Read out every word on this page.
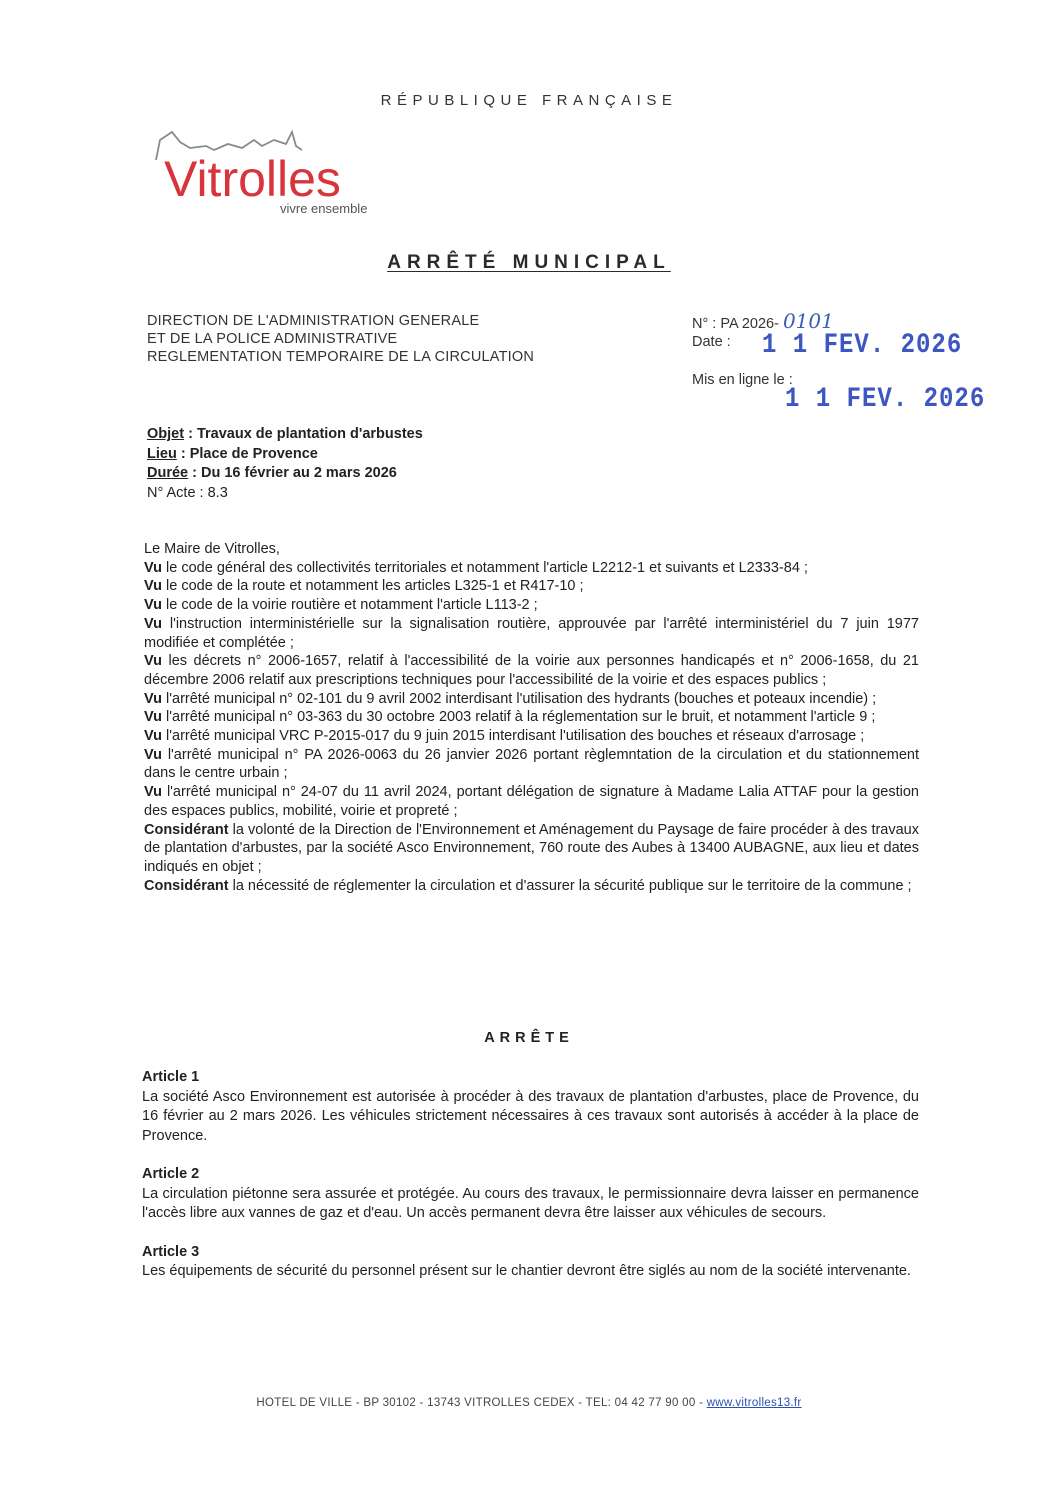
RÉPUBLIQUE FRANÇAISE
Vitrolles
vivre ensemble
ARRÊTÉ MUNICIPAL
DIRECTION DE L'ADMINISTRATION GENERALE
ET DE LA POLICE ADMINISTRATIVE
REGLEMENTATION TEMPORAIRE DE LA CIRCULATION
N° : PA 2026- 0101
Date :	1 1 FEV. 2026
Mis en ligne le :
1 1 FEV. 2026
Objet : Travaux de plantation d'arbustes
Lieu : Place de Provence
Durée : Du 16 février au 2 mars 2026
N° Acte : 8.3

Le Maire de Vitrolles,

Vu le code général des collectivités territoriales et notamment l'article L2212-1 et suivants et L2333-84 ;

Vu le code de la route et notamment les articles L325-1 et R417-10 ;

Vu le code de la voirie routière et notamment l'article L113-2 ;

Vu l'instruction interministérielle sur la signalisation routière, approuvée par l'arrêté interministériel du 7 juin 1977 modifiée et complétée ;

Vu les décrets n° 2006-1657, relatif à l'accessibilité de la voirie aux personnes handicapés et n° 2006-1658, du 21 décembre 2006 relatif aux prescriptions techniques pour l'accessibilité de la voirie et des espaces publics ;

Vu l'arrêté municipal n° 02-101 du 9 avril 2002 interdisant l'utilisation des hydrants (bouches et poteaux incendie) ;

Vu l'arrêté municipal n° 03-363 du 30 octobre 2003 relatif à la réglementation sur le bruit, et notamment l'article 9 ;

Vu l'arrêté municipal VRC P-2015-017 du 9 juin 2015 interdisant l'utilisation des bouches et réseaux d'arrosage ;

Vu l'arrêté municipal n° PA 2026-0063 du 26 janvier 2026 portant règlemntation de la circulation et du stationnement dans le centre urbain ;

Vu l'arrêté municipal n° 24-07 du 11 avril 2024, portant délégation de signature à Madame Lalia ATTAF pour la gestion des espaces publics, mobilité, voirie et propreté ;

Considérant la volonté de la Direction de l'Environnement et Aménagement du Paysage de faire procéder à des travaux de plantation d'arbustes, par la société Asco Environnement, 760 route des Aubes à 13400 AUBAGNE, aux lieu et dates indiqués en objet ;

Considérant la nécessité de réglementer la circulation et d'assurer la sécurité publique sur le territoire de la commune ;

ARRÊTE
Article 1
La société Asco Environnement est autorisée à procéder à des travaux de plantation d'arbustes, place de Provence, du 16 février au 2 mars 2026. Les véhicules strictement nécessaires à ces travaux sont autorisés à accéder à la place de Provence.
Article 2
La circulation piétonne sera assurée et protégée. Au cours des travaux, le permissionnaire devra laisser en permanence l'accès libre aux vannes de gaz et d'eau. Un accès permanent devra être laisser aux véhicules de secours.
Article 3
Les équipements de sécurité du personnel présent sur le chantier devront être siglés au nom de la société intervenante.
HOTEL DE VILLE - BP 30102 - 13743 VITROLLES CEDEX - TEL: 04 42 77 90 00 - www.vitrolles13.fr
